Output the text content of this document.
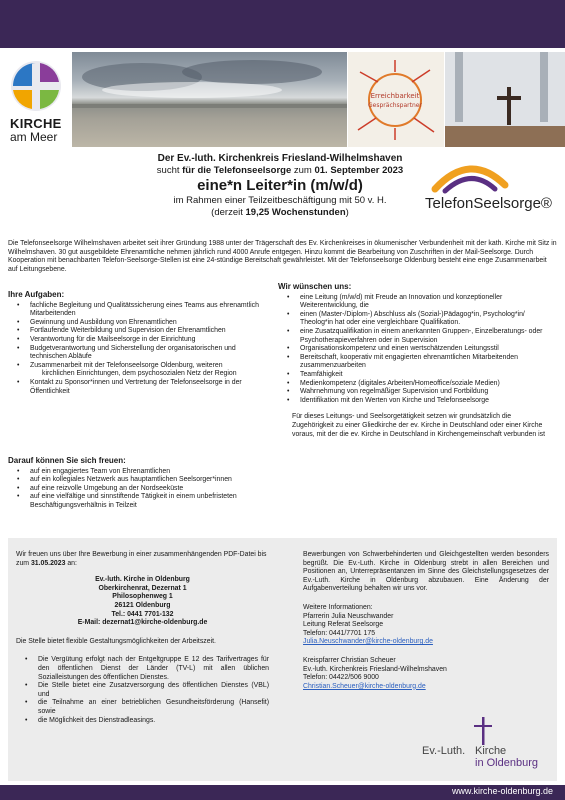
KIRCHE
am Meer
Erreichbarkeit
Gesprächspartner
Der Ev.-luth. Kirchenkreis Friesland-Wilhelmshaven
sucht für die Telefonseelsorge zum 01. September 2023
eine*n Leiter*in (m/w/d)
im Rahmen einer Teilzeitbeschäftigung mit 50 v. H.
(derzeit 19,25 Wochenstunden)	TelefonSeelsorge®
Die Telefonseelsorge Wilhelmshaven arbeitet seit ihrer Gründung 1988 unter der Trägerschaft des Ev. Kirchenkreises in ökumenischer Verbundenheit mit der kath. Kirche mit Sitz in Wilhelmshaven. 30 gut ausgebildete Ehrenamtliche nehmen jährlich rund 4000 Anrufe entgegen. Hinzu kommt die Bearbeitung von Zuschriften in der Mail-Seelsorge. Durch Kooperation mit benachbarten Telefon-Seelsorge-Stellen ist eine 24-stündige Bereitschaft gewährleistet. Mit der Telefonseelsorge Oldenburg besteht eine enge Zusammenarbeit auf Leitungsebene.
Ihre Aufgaben:
• fachliche Begleitung und Qualitätssicherung eines Teams aus ehrenamtlich Mitarbeitenden
• Gewinnung und Ausbildung von Ehrenamtlichen
• Fortlaufende Weiterbildung und Supervision der Ehrenamtlichen
• Verantwortung für die Mailseelsorge in der Einrichtung
• Budgetverantwortung und Sicherstellung der organisatorischen und technischen Abläufe
• Zusammenarbeit mit der Telefonseelsorge Oldenburg, weiteren
kirchlichen Einrichtungen, dem psychosozialen Netz der Region
• Kontakt zu Sponsor*innen und Vertretung der Telefonseelsorge in der Öffentlichkeit
Darauf können Sie sich freuen:
• auf ein engagiertes Team von Ehrenamtlichen
• auf ein kollegiales Netzwerk aus hauptamtlichen Seelsorger*innen
• auf eine reizvolle Umgebung an der Nordseeküste
• auf eine vielfältige und sinnstiftende Tätigkeit in einem unbefristeten Beschäftigungsverhältnis in Teilzeit
Wir wünschen uns:
• eine Leitung (m/w/d) mit Freude an Innovation und konzeptioneller Weiterentwicklung, die
• einen (Master-/Diplom-) Abschluss als (Sozial-)Pädagog*in, Psycholog*in/ Theolog*in hat oder eine vergleichbare Qualifikation.
• eine Zusatzqualifikation in einem anerkannten Gruppen-, Einzelberatungs- oder Psychotherapieverfahren oder in Supervision
• Organisationskompetenz und einen wertschätzenden Leitungsstil
• Bereitschaft, kooperativ mit engagierten ehrenamtlichen Mitarbeitenden zusammenzuarbeiten
• Teamfähigkeit
• Medienkompetenz (digitales Arbeiten/Homeoffice/soziale Medien)
• Wahrnehmung von regelmäßiger Supervision und Fortbildung
• Identifikation mit den Werten von Kirche und Telefonseelsorge
Für dieses Leitungs- und Seelsorgetätigkeit setzen wir grundsätzlich die Zugehörigkeit zu einer Gliedkirche der ev. Kirche in Deutschland oder einer Kirche voraus, mit der die ev. Kirche in Deutschland in Kirchengemeinschaft verbunden ist
Wir freuen uns über Ihre Bewerbung in einer zusammenhängenden PDF-Datei bis zum 31.05.2023 an:
Ev.-luth. Kirche in Oldenburg
Oberkirchenrat, Dezernat 1
Philosophenweg 1
26121 Oldenburg
Tel.: 0441 7701-132
E-Mail: dezernat1@kirche-oldenburg.de
Die Stelle bietet flexible Gestaltungsmöglichkeiten der Arbeitszeit.
• Die Vergütung erfolgt nach der Entgeltgruppe E 12 des Tarifvertrages für den öffentlichen Dienst der Länder (TV-L) mit allen üblichen Sozialleistungen des öffentlichen Dienstes.
• Die Stelle bietet eine Zusatzversorgung des öffentlichen Dienstes (VBL) und
• die Teilnahme an einer betrieblichen Gesundheitsförderung (Hansefit) sowie
• die Möglichkeit des Dienstradleasings.
Bewerbungen von Schwerbehinderten und Gleichgestellten werden besonders begrüßt. Die Ev.-Luth. Kirche in Oldenburg strebt in allen Bereichen und Positionen an, Unterrepräsentanzen im Sinne des Gleichstellungsgesetzes der Ev.-Luth. Kirche in Oldenburg abzubauen. Eine Änderung der Aufgabenverteilung behalten wir uns vor.
Weitere Informationen:
Pfarrerin Julia Neuschwander
Leitung Referat Seelsorge
Telefon: 0441/7701 175
Julia.Neuschwander@kirche-oldenburg.de
Kreispfarrer Christian Scheuer
Ev.-luth. Kirchenkreis Friesland-Wilhelmshaven
Telefon: 04422/506 9000
Christian.Scheuer@kirche-oldenburg.de
Ev.-Luth. Kirche
in Oldenburg
www.kirche-oldenburg.de
